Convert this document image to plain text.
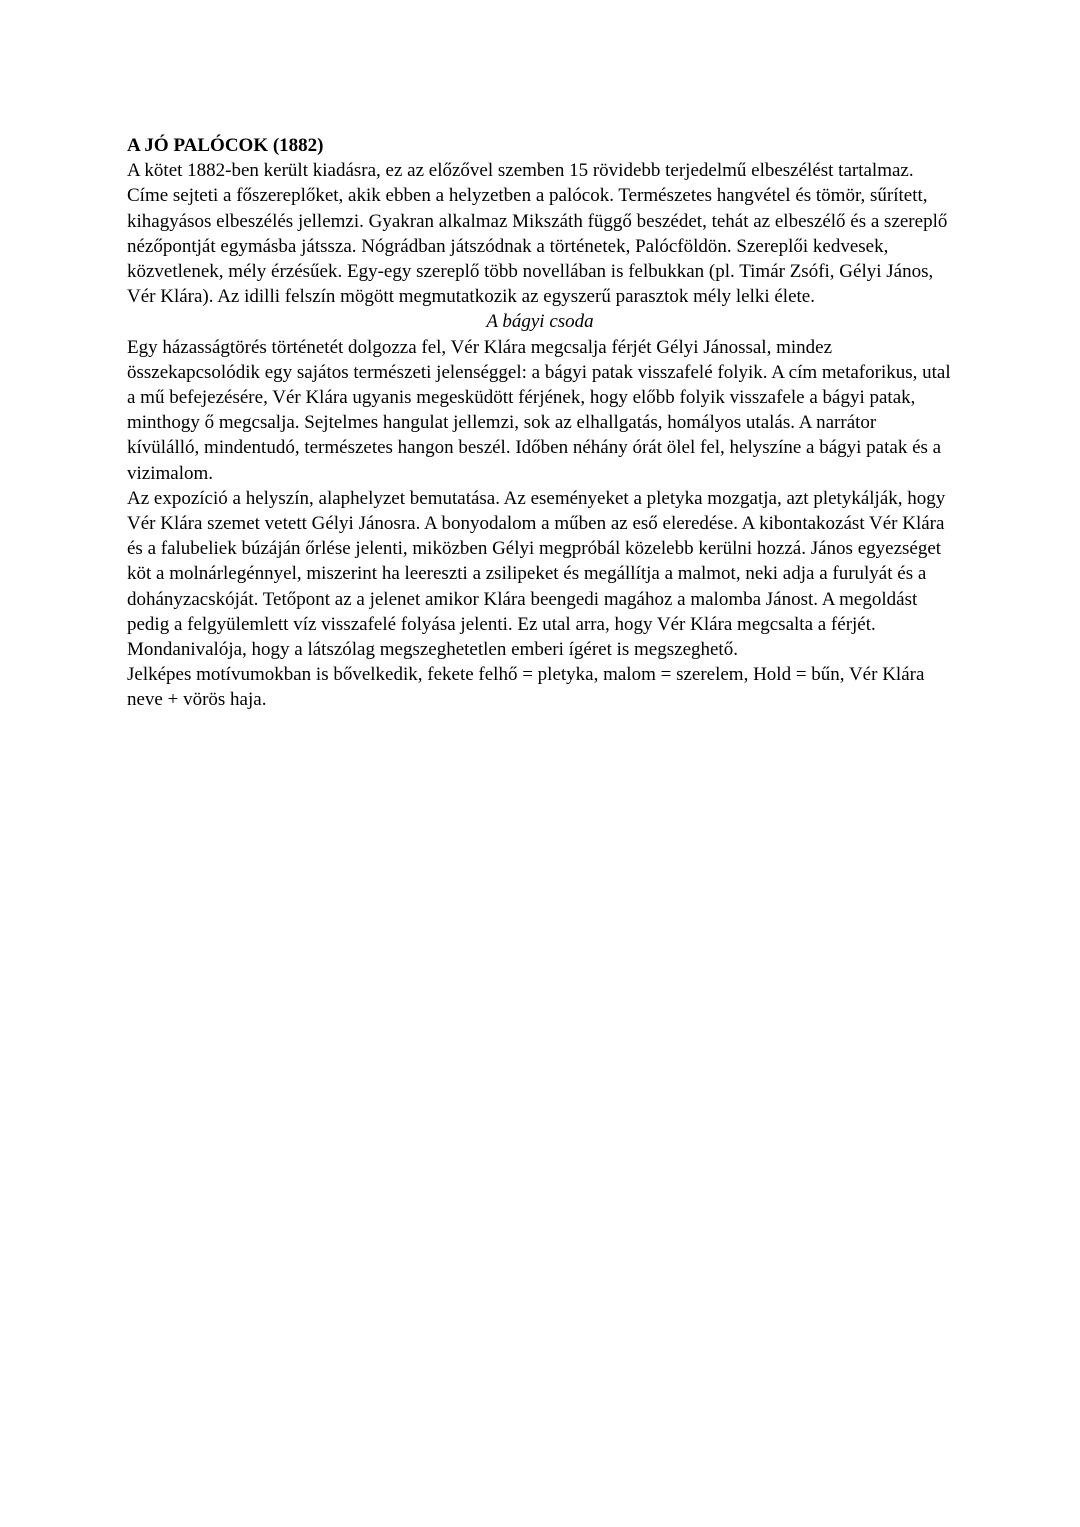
A JÓ PALÓCOK (1882)

A kötet 1882-ben került kiadásra, ez az előzővel szemben 15 rövidebb terjedelmű elbeszélést tartalmaz. Címe sejteti a főszereplőket, akik ebben a helyzetben a palócok. Természetes hangvétel és tömör, sűrített, kihagyásos elbeszélés jellemzi. Gyakran alkalmaz Mikszáth függő beszédet, tehát az elbeszélő és a szereplő nézőpontját egymásba játssza. Nógrádban játszódnak a történetek, Palócföldön. Szereplői kedvesek, közvetlenek, mély érzésűek. Egy-egy szereplő több novellában is felbukkan (pl. Timár Zsófi, Gélyi János, Vér Klára). Az idilli felszín mögött megmutatkozik az egyszerű parasztok mély lelki élete.

A bágyi csoda

Egy házasságtörés történetét dolgozza fel, Vér Klára megcsalja férjét Gélyi Jánossal, mindez összekapcsolódik egy sajátos természeti jelenséggel: a bágyi patak visszafelé folyik. A cím metaforikus, utal a mű befejezésére, Vér Klára ugyanis megesküdött férjének, hogy előbb folyik visszafele a bágyi patak, minthogy ő megcsalja. Sejtelmes hangulat jellemzi, sok az elhallgatás, homályos utalás. A narrátor kívülálló, mindentudó, természetes hangon beszél. Időben néhány órát ölel fel, helyszíne a bágyi patak és a vizimalom.

Az expozíció a helyszín, alaphelyzet bemutatása. Az eseményeket a pletyka mozgatja, azt pletykálják, hogy Vér Klára szemet vetett Gélyi Jánosra. A bonyodalom a műben az eső eleredése. A kibontakozást Vér Klára és a falubeliek búzáján őrlése jelenti, miközben Gélyi megpróbál közelebb kerülni hozzá. János egyezséget köt a molnárlegénnyel, miszerint ha leereszti a zsilipeket és megállítja a malmot, neki adja a furulyát és a dohányzacskóját. Tetőpont az a jelenet amikor Klára beengedi magához a malomba Jánost. A megoldást pedig a felgyülemlett víz visszafelé folyása jelenti. Ez utal arra, hogy Vér Klára megcsalta a férjét. Mondanivalója, hogy a látszólag megszeghetetlen emberi ígéret is megszeghető.

Jelképes motívumokban is bővelkedik, fekete felhő = pletyka, malom = szerelem, Hold = bűn, Vér Klára neve + vörös haja.
